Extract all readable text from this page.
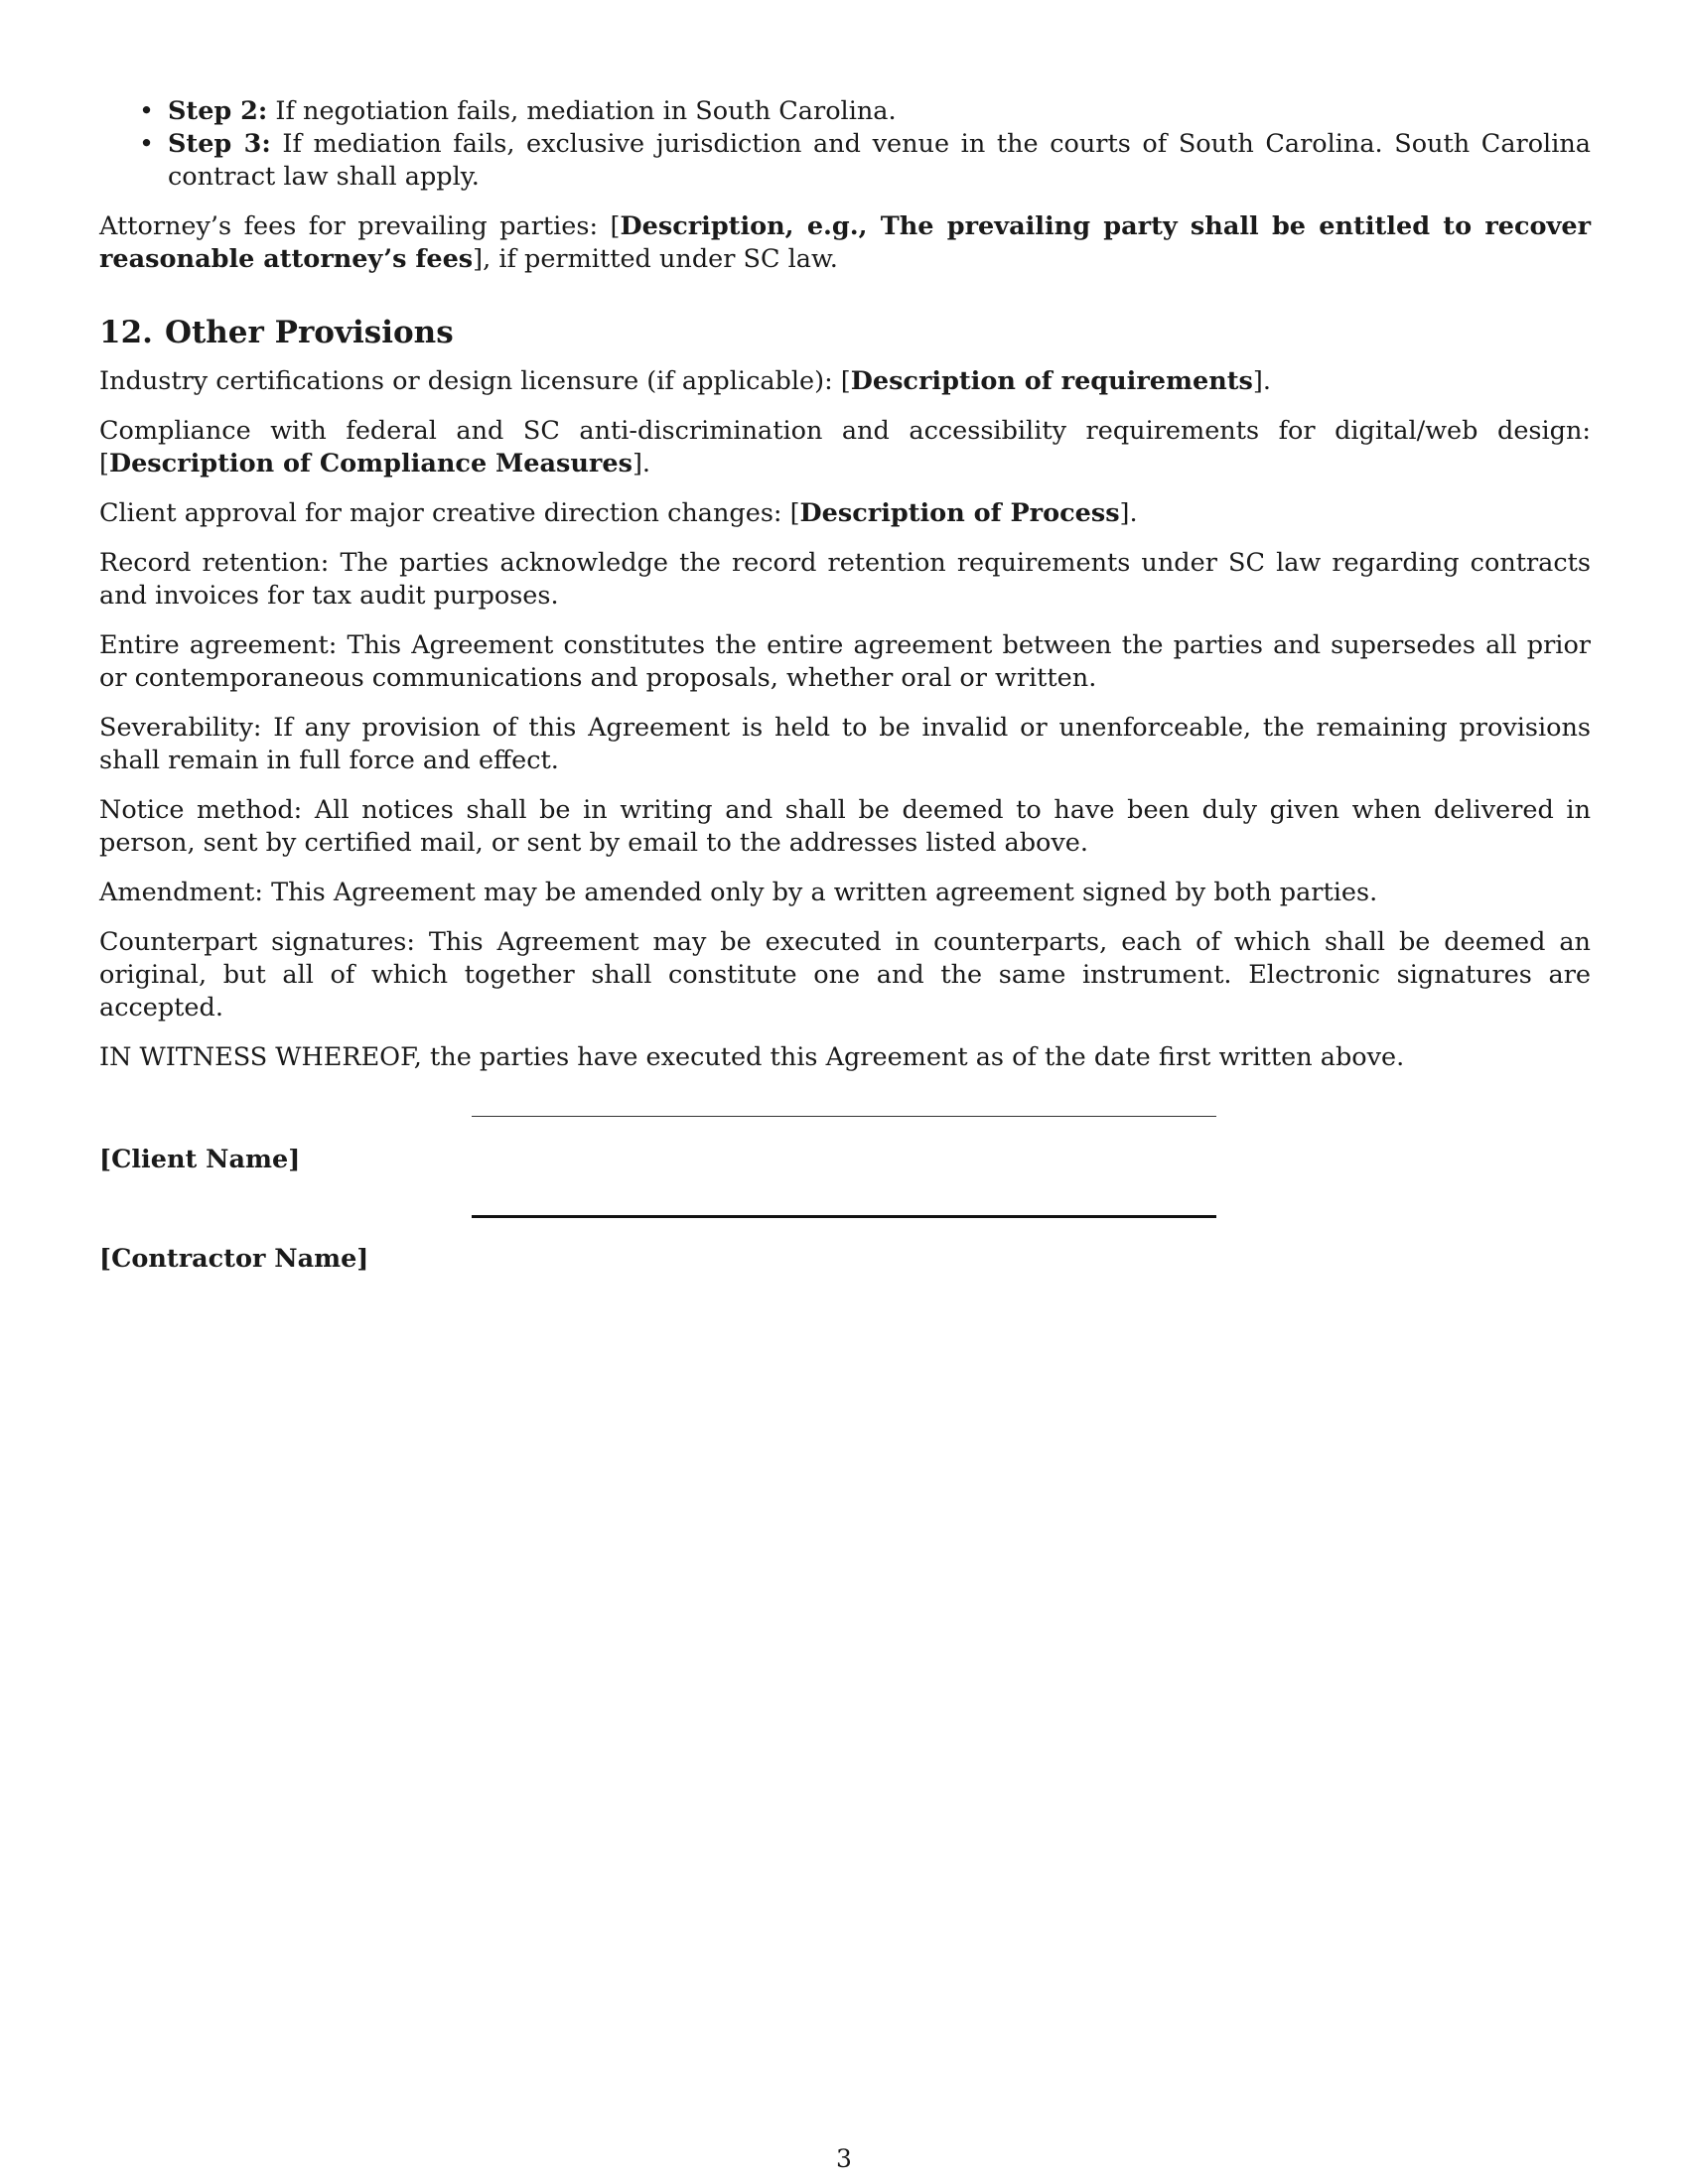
• Step 2: If negotiation fails, mediation in South Carolina.
• Step 3: If mediation fails, exclusive jurisdiction and venue in the courts of South Carolina. South Carolina contract law shall apply.

Attorney’s fees for prevailing parties: [Description, e.g., The prevailing party shall be entitled to recover reasonable attorney’s fees], if permitted under SC law.

12. Other Provisions

Industry certifications or design licensure (if applicable): [Description of requirements].

Compliance with federal and SC anti-discrimination and accessibility requirements for digital/web design: [Description of Compliance Measures].

Client approval for major creative direction changes: [Description of Process].

Record retention: The parties acknowledge the record retention requirements under SC law regarding contracts and invoices for tax audit purposes.

Entire agreement: This Agreement constitutes the entire agreement between the parties and supersedes all prior or contemporaneous communications and proposals, whether oral or written.

Severability: If any provision of this Agreement is held to be invalid or unenforceable, the remaining provisions shall remain in full force and effect.

Notice method: All notices shall be in writing and shall be deemed to have been duly given when delivered in person, sent by certified mail, or sent by email to the addresses listed above.

Amendment: This Agreement may be amended only by a written agreement signed by both parties.

Counterpart signatures: This Agreement may be executed in counterparts, each of which shall be deemed an original, but all of which together shall constitute one and the same instrument. Electronic signatures are accepted.

IN WITNESS WHEREOF, the parties have executed this Agreement as of the date first written above.

[Client Name]
[Contractor Name]
3
